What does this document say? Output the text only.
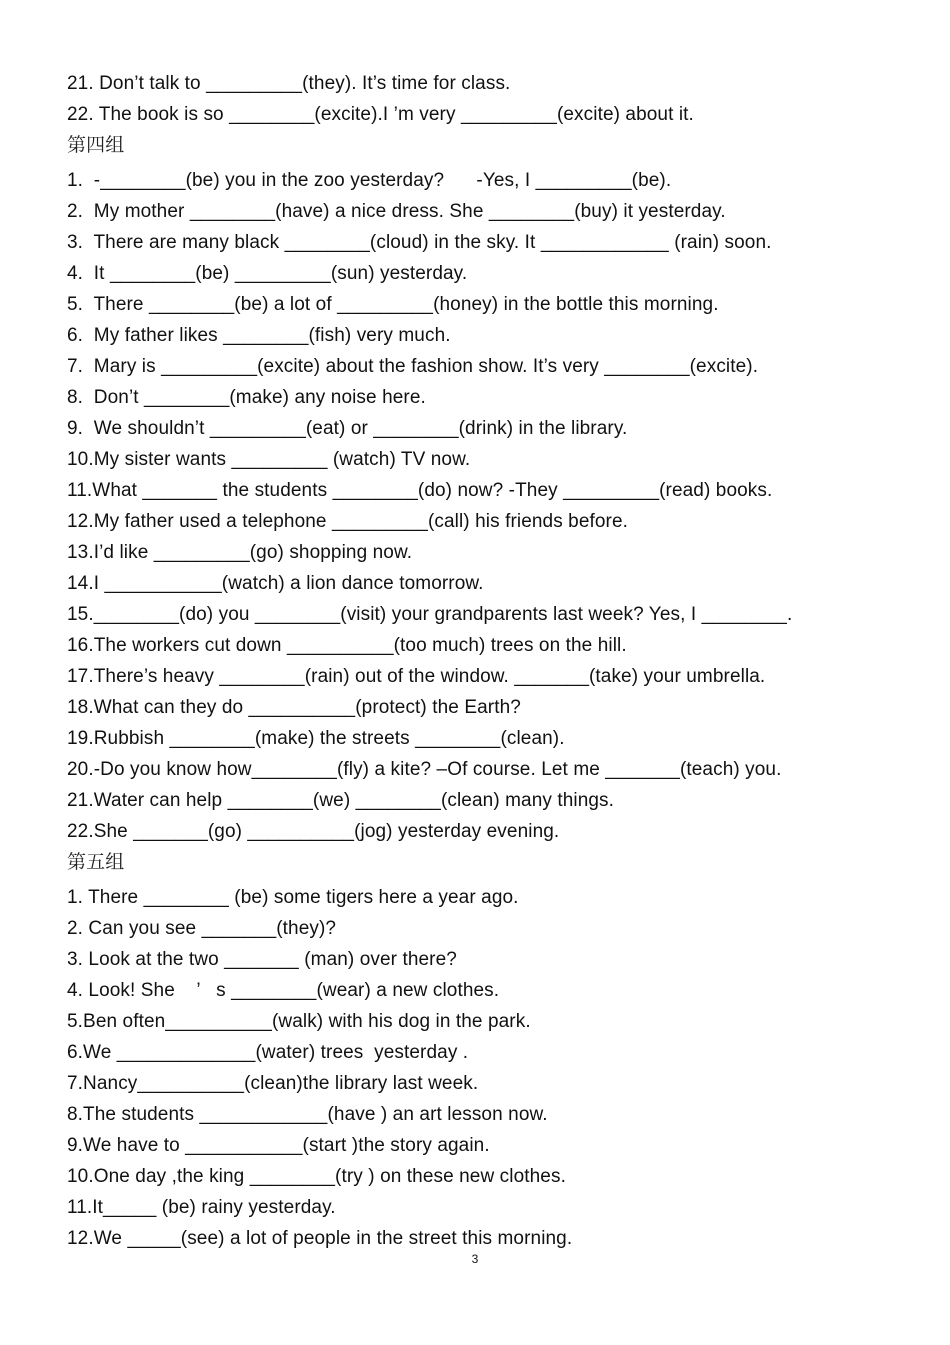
21. Don’t talk to _________(they). It’s time for class.
22. The book is so ________(excite).I ’m very _________(excite) about it.
第四组
1.  -________(be) you in the zoo yesterday?      -Yes, I _________(be).
2.  My mother ________(have) a nice dress. She ________(buy) it yesterday.
3.  There are many black ________(cloud) in the sky. It ____________ (rain) soon.
4.  It ________(be) _________(sun) yesterday.
5.  There ________(be) a lot of _________(honey) in the bottle this morning.
6.  My father likes ________(fish) very much.
7.  Mary is _________(excite) about the fashion show. It’s very ________(excite).
8.  Don’t ________(make) any noise here.
9.  We shouldn’t _________(eat) or ________(drink) in the library.
10.My sister wants _________ (watch) TV now.
11.What _______ the students ________(do) now? -They _________(read) books.
12.My father used a telephone _________(call) his friends before.
13.I’d like _________(go) shopping now.
14.I ___________(watch) a lion dance tomorrow.
15.________(do) you ________(visit) your grandparents last week? Yes, I ________.
16.The workers cut down __________(too much) trees on the hill.
17.There’s heavy ________(rain) out of the window. _______(take) your umbrella.
18.What can they do __________(protect) the Earth?
19.Rubbish ________(make) the streets ________(clean).
20.-Do you know how________(fly) a kite? –Of course. Let me _______(teach) you.
21.Water can help ________(we) ________(clean) many things.
22.She _______(go) __________(jog) yesterday evening.
第五组
1. There ________ (be) some tigers here a year ago.
2. Can you see _______(they)?
3. Look at the two _______ (man) over there?
4. Look! She    ’   s ________(wear) a new clothes.
5.Ben often__________(walk) with his dog in the park.
6.We _____________(water) trees  yesterday .
7.Nancy__________(clean)the library last week.
8.The students ____________(have ) an art lesson now.
9.We have to ___________(start )the story again.
10.One day ,the king ________(try ) on these new clothes.
11.It_____ (be) rainy yesterday.
12.We _____(see) a lot of people in the street this morning.
3
